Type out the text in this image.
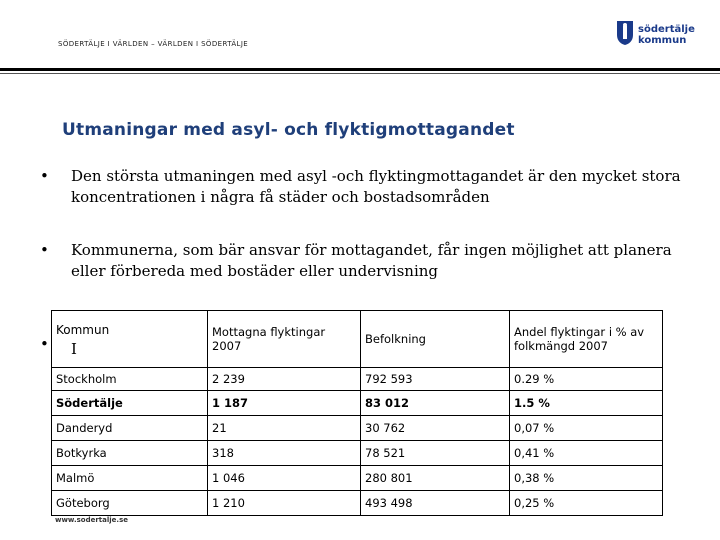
SÖDERTÄLJE I VÄRLDEN – VÄRLDEN I SÖDERTÄLJE
södertälje
kommun
Utmaningar med asyl- och flyktigmottagandet
• Den största utmaningen med asyl -och flyktingmottagandet är den mycket stora koncentrationen i några få städer och bostadsområden
• Kommunerna, som bär ansvar för mottagandet, får ingen möjlighet att planera eller förbereda med bostäder eller undervisning
Kommun	Mottagna flyktingar 2007	Befolkning	Andel flyktingar i % av folkmängd 2007
Stockholm	2 239	792 593	0.29 %
Södertälje	1 187	83 012	1.5 %
Danderyd	21	30 762	0,07 %
Botkyrka	318	78 521	0,41 %
Malmö	1 046	280 801	0,38 %
Göteborg	1 210	493 498	0,25 %
• I
www.sodertalje.se
